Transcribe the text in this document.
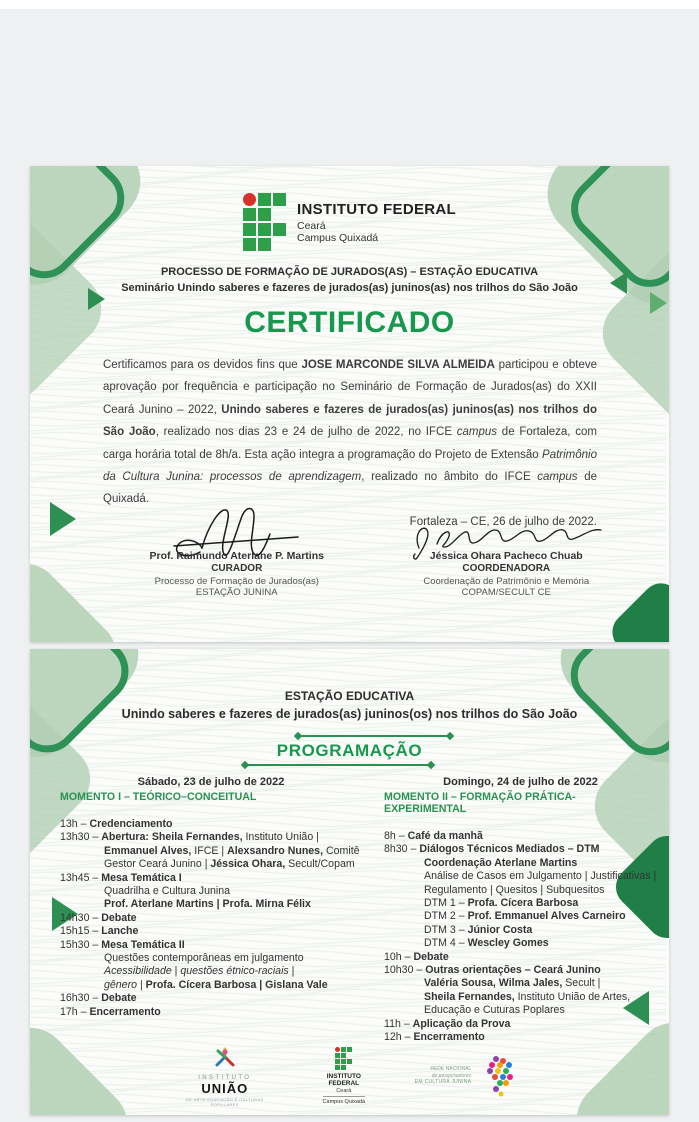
INSTITUTO FEDERAL
Ceará
Campus Quixadá
PROCESSO DE FORMAÇÃO DE JURADOS(AS) – ESTAÇÃO EDUCATIVA
Seminário Unindo saberes e fazeres de jurados(as) juninos(as) nos trilhos do São João
CERTIFICADO
Certificamos para os devidos fins que JOSE MARCONDE SILVA ALMEIDA participou e obteve aprovação por frequência e participação no Seminário de Formação de Jurados(as) do XXII Ceará Junino – 2022, Unindo saberes e fazeres de jurados(as) juninos(as) nos trilhos do São João, realizado nos dias 23 e 24 de julho de 2022, no IFCE campus de Fortaleza, com carga horária total de 8h/a. Esta ação integra a programação do Projeto de Extensão Patrimônio da Cultura Junina: processos de aprendizagem, realizado no âmbito do IFCE campus de Quixadá.
Fortaleza – CE, 26 de julho de 2022.
Prof. Raimundo Aterlane P. Martins
CURADOR
Processo de Formação de Jurados(as)
ESTAÇÃO JUNINA
Jéssica Ohara Pacheco Chuab
COORDENADORA
Coordenação de Patrimônio e Memória
COPAM/SECULT CE
ESTAÇÃO EDUCATIVA
Unindo saberes e fazeres de jurados(as) juninos(os) nos trilhos do São João
PROGRAMAÇÃO
Sábado, 23 de julho de 2022
MOMENTO I – TEÓRICO–CONCEITUAL
13h – Credenciamento
13h30 – Abertura: Sheila Fernandes, Instituto União |
Emmanuel Alves, IFCE | Alexsandro Nunes, Comitê
Gestor Ceará Junino | Jéssica Ohara, Secult/Copam
13h45 – Mesa Temática I
Quadrilha e Cultura Junina
Prof. Aterlane Martins | Profa. Mirna Félix
14h30 – Debate
15h15 – Lanche
15h30 – Mesa Temática II
Questões contemporâneas em julgamento
Acessibilidade | questões étnico-raciais |
gênero | Profa. Cícera Barbosa | Gislana Vale
16h30 – Debate
17h – Encerramento
Domingo, 24 de julho de 2022
MOMENTO II – FORMAÇÃO PRÁTICA-EXPERIMENTAL
8h – Café da manhã
8h30 – Diálogos Técnicos Mediados – DTM
Coordenação Aterlane Martins
Análise de Casos em Julgamento | Justificativas |
Regulamento | Quesitos | Subquesitos
DTM 1 – Profa. Cícera Barbosa
DTM 2 – Prof. Emmanuel Alves Carneiro
DTM 3 – Júnior Costa
DTM 4 – Wescley Gomes
10h – Debate
10h30 – Outras orientações – Ceará Junino
Valéria Sousa, Wilma Jales, Secult |
Sheila Fernandes, Instituto União de Artes,
Educação e Cuturas Poplares
11h – Aplicação da Prova
12h – Encerramento
INSTITUTO
UNIÃO
DE ARTE EDUCAÇÃO E CULTURAS POPULARES
INSTITUTO
FEDERAL
Ceará
Campus Quixadá
REDE NACIONAL
de pesquisadores
EM CULTURA JUNINA
